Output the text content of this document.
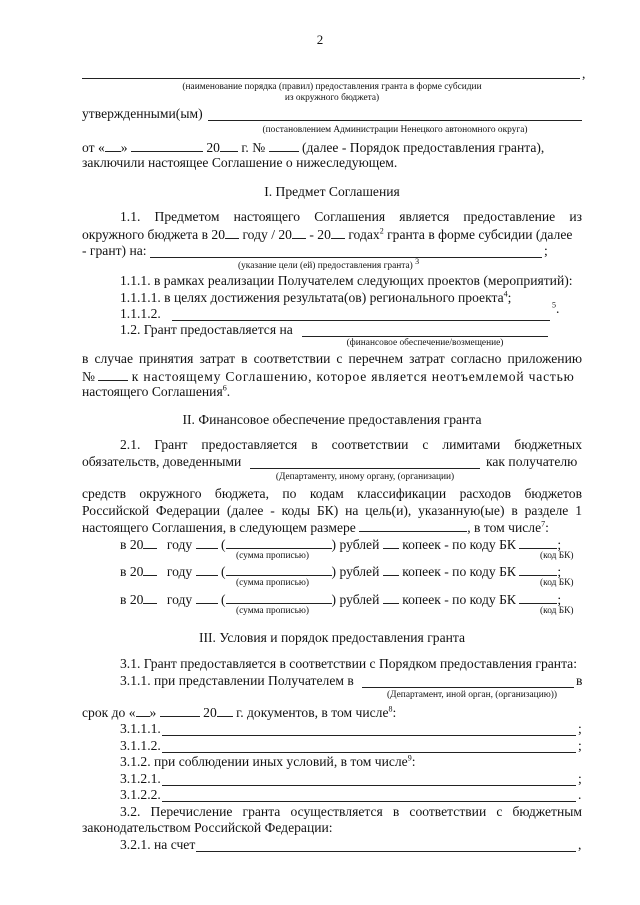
2
,
(наименование порядка (правил) предоставления гранта в форме субсидии
из окружного бюджета)
утвержденными(ым)
(постановлением Администрации Ненецкого автономного округа)
от « »	20 г. №	(далее - Порядок предоставления гранта),
заключили настоящее Соглашение о нижеследующем.
I. Предмет Соглашения
1.1. Предметом настоящего Соглашения является предоставление из
окружного бюджета в 20 году / 20 - 20 годах$^2$ гранта в форме субсидии (далее
- грант) на:	;
(указание цели (ей) предоставления гранта) $^3$
1.1.1. в рамках реализации Получателем следующих проектов (мероприятий):
1.1.1.1. в целях достижения результата(ов) регионального проекта$^4$;
1.1.1.2.
$^5$.
1.2. Грант предоставляется на
(финансовое обеспечение/возмещение)
в случае принятия затрат в соответствии с перечнем затрат согласно приложению
№	к настоящему Соглашению, которое является неотъемлемой частью
настоящего Соглашения$^6$.
II. Финансовое обеспечение предоставления гранта
2.1. Грант предоставляется в соответствии с лимитами бюджетных
обязательств, доведенными	как получателю
(Департаменту, иному органу, (организации)
средств окружного бюджета, по кодам классификации расходов бюджетов
Российской Федерации (далее - коды БК) на цель(и), указанную(ые) в разделе 1
настоящего Соглашения, в следующем размере	, в том числе$^7$:
в 20 году (	) рублей копеек - по коду БК	;
(сумма прописью)	(код БК)
в 20 году (	) рублей копеек - по коду БК	;
(сумма прописью)	(код БК)
в 20 году (	) рублей копеек - по коду БК	;
(сумма прописью)	(код БК)
III. Условия и порядок предоставления гранта
3.1. Грант предоставляется в соответствии с Порядком предоставления гранта:
3.1.1. при представлении Получателем в	в
(Департамент, иной орган, (организацию))
срок до « »	20 г. документов, в том числе$^8$:
3.1.1.1.	;
3.1.1.2.	;
3.1.2. при соблюдении иных условий, в том числе$^9$:
3.1.2.1.	;
3.1.2.2.	.
3.2. Перечисление гранта осуществляется в соответствии с бюджетным
законодательством Российской Федерации:
3.2.1. на счет	,
